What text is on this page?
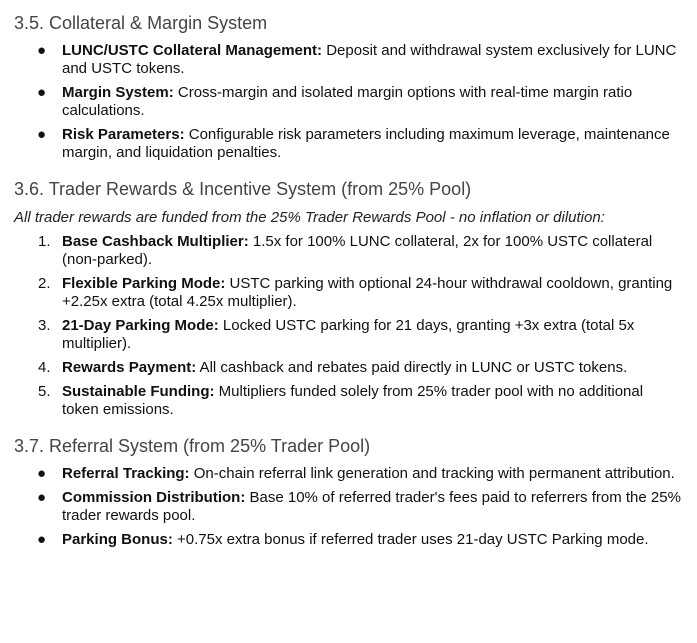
3.5. Collateral & Margin System
●	LUNC/USTC Collateral Management: Deposit and withdrawal system exclusively for LUNC and USTC tokens.
●	Margin System: Cross-margin and isolated margin options with real-time margin ratio calculations.
●	Risk Parameters: Configurable risk parameters including maximum leverage, maintenance margin, and liquidation penalties.
3.6. Trader Rewards & Incentive System (from 25% Pool)

All trader rewards are funded from the 25% Trader Rewards Pool - no inflation or dilution:

1. Base Cashback Multiplier: 1.5x for 100% LUNC collateral, 2x for 100% USTC collateral (non-parked).
2. Flexible Parking Mode: USTC parking with optional 24-hour withdrawal cooldown, granting +2.25x extra (total 4.25x multiplier).
3. 21-Day Parking Mode: Locked USTC parking for 21 days, granting +3x extra (total 5x multiplier).
4. Rewards Payment: All cashback and rebates paid directly in LUNC or USTC tokens.
5. Sustainable Funding: Multipliers funded solely from 25% trader pool with no additional token emissions.
3.7. Referral System (from 25% Trader Pool)
●	Referral Tracking: On-chain referral link generation and tracking with permanent attribution.
●	Commission Distribution: Base 10% of referred trader's fees paid to referrers from the 25% trader rewards pool.
●	Parking Bonus: +0.75x extra bonus if referred trader uses 21-day USTC Parking mode.
